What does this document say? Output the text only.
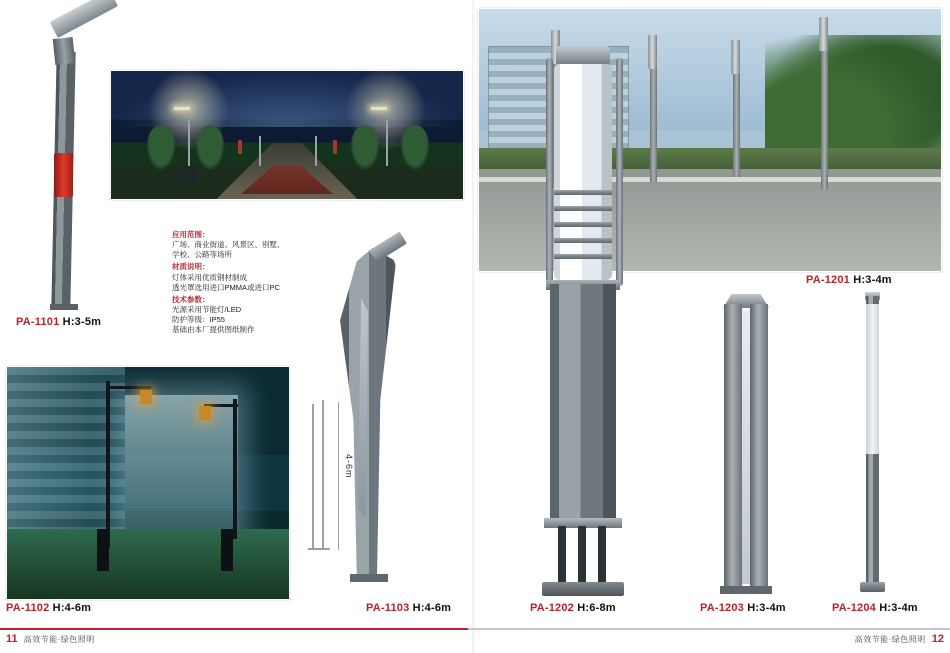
PA-1101 H:3-5m
应用范围：
广场、商业街道、风景区、别墅、
学校、公路等场所
材质说明：
灯体采用优质钢材制成
透光罩选用进口PMMA或进口PC
技术参数：
光源采用节能灯/LED
防护等级：IP55
基础由本厂提供图纸制作
PA-1102 H:4-6m
4-6m
PA-1103 H:4-6m
PA-1201 H:3-4m
PA-1202 H:6-8m	PA-1203 H:3-4m	PA-1204 H:3-4m
11 高效节能·绿色照明	12
高效节能·绿色照明
